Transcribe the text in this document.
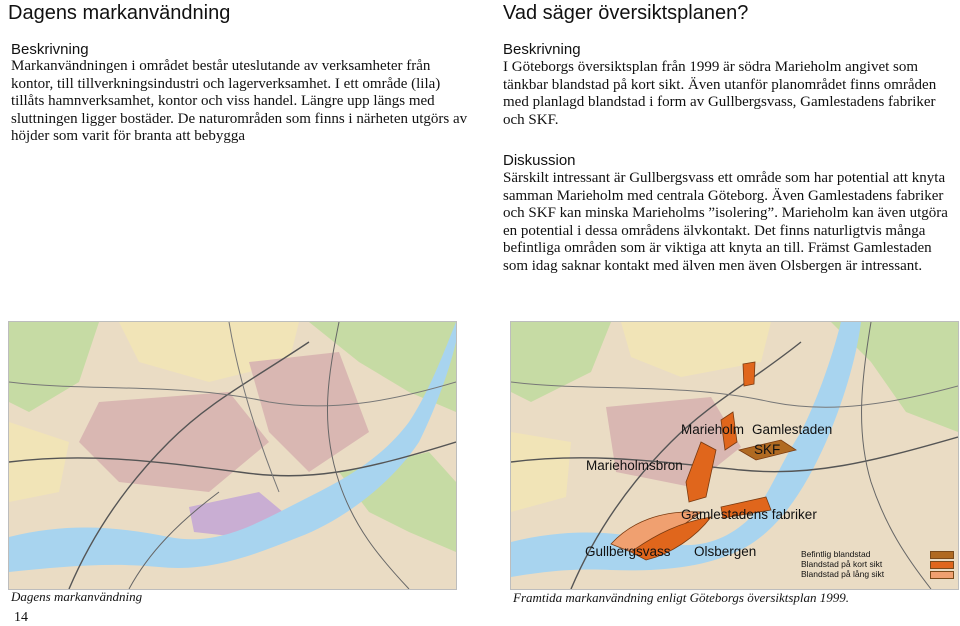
Dagens markanvändning
Beskrivning
Markanvändningen i området består uteslutande av verksamheter från kontor, till tillverkningsindustri och lagerverksamhet. I ett område (lila) tillåts hamnverksamhet, kontor och viss handel. Längre upp längs med sluttningen ligger bostäder. De naturområden som finns i närheten utgörs av höjder som varit för branta att bebygga
Vad säger översiktsplanen?
Beskrivning
I Göteborgs översiktsplan från 1999 är södra Marieholm angivet som tänkbar blandstad på kort sikt. Även utanför planområdet finns områden med planlagd blandstad i form av Gullbergsvass, Gamlestadens fabriker och SKF.
Diskussion
Särskilt intressant är Gullbergsvass ett område som har potential att knyta samman Marieholm med centrala Göteborg. Även Gamlestadens fabriker och SKF kan minska Marieholms ”isolering”. Marieholm kan även utgöra en potential i dessa områdens älvkontakt. Det finns naturligtvis många befintliga områden som är viktiga att knyta an till. Främst Gamlestaden som idag saknar kontakt med älven men även Olsbergen är intressant.
Marieholm Gamlestaden
SKF
Marieholmsbron
Gamlestadens fabriker
Gullbergsvass Olsbergen	Befintlig blandstad
Blandstad på kort sikt
Blandstad på lång sikt
Dagens markanvändning	Framtida markanvändning enligt Göteborgs översiktsplan 1999.
14
